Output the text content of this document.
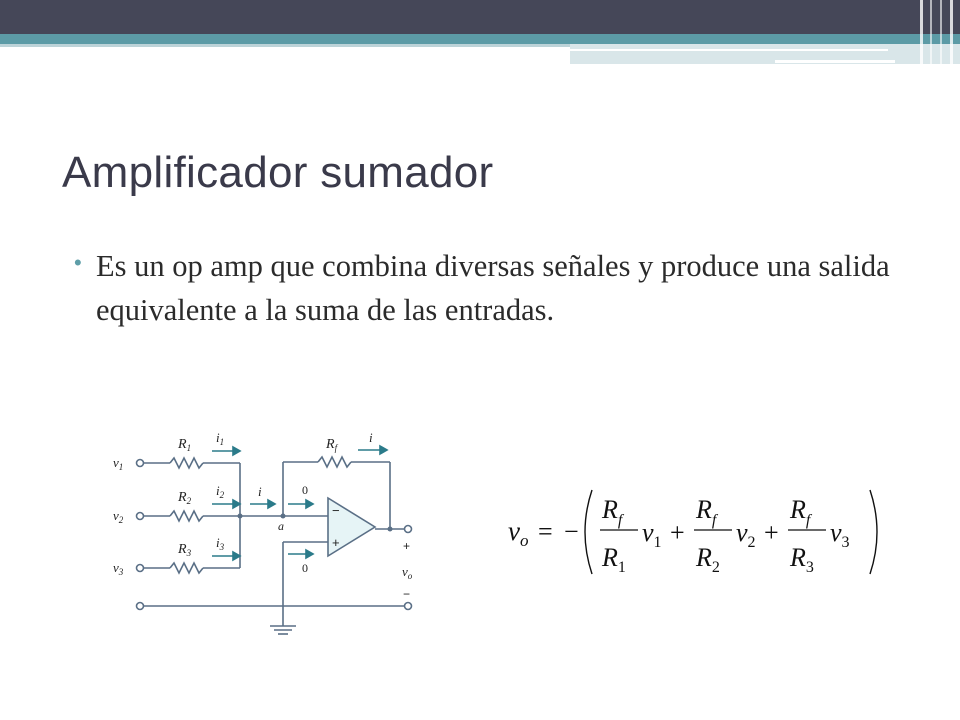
Amplificador sumador
• Es un op amp que combina diversas señales y produce una salida equivalente a la suma de las entradas.

$v_1$
$v_2$
$v_3$
$R_1$
$R_2$
$R_3$
$i_1$
$i_2$
$i_3$
i
a
$R_f$
i
0
0
−
+	+
$v_o$
−
$v_o$ = −
$R_f$
$R_1$
$v_1$ +
$R_f$
$R_2$
$v_2$ +
$R_f$
$R_3$
$v_3$
